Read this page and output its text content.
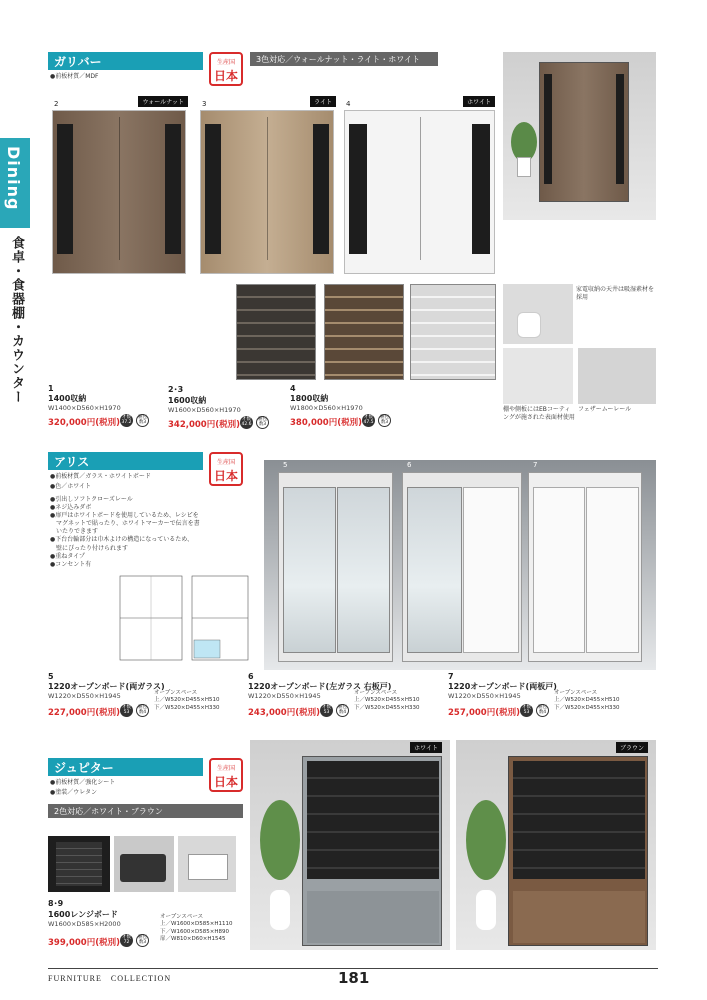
Dining
食卓・食器棚・カウンター
ガリバー
●前板材質／MDF
生産国
日本
3色対応／ウォールナット・ライト・ホワイト
2	ウォールナット	3	ライト	4	ホワイト
家電収納の天井は吸湿素材を採用
棚や側板にはEBコーティングが施された表面材使用
フェザームーレール
1
1400収納
W1400×D560×H1970
320,000円(税別)
才数37.2
梱包数3
2･3
1600収納
W1600×D560×H1970
342,000円(税別)
才数42.6
梱包数3
4
1800収納
W1800×D560×H1970
380,000円(税別)
才数47.5
梱包数3
アリス	生産国
日本
●前板材質／ガラス・ホワイトボード
●色／ホワイト
●引出しソフトクローズレール
●ネジ込みダボ
●扉戸はホワイトボードを使用しているため、レシピを
　マグネットで貼ったり、ホワイトマーカーで伝言を書
　いたりできます
●下台台輪部分は巾木よけの構造になっているため、
　壁にぴったり付けられます
●重ねタイプ
●コンセント有
5	6	7
5
1220オープンボード(両ガラス)
W1220×D550×H1945
227,000円(税別)
才数53
梱包数4
オープンスペース
上／W520×D455×H510
下／W520×D455×H330
6
1220オープンボード(左ガラス 右板戸)
W1220×D550×H1945
243,000円(税別)
才数53
梱包数4
オープンスペース
上／W520×D455×H510
下／W520×D455×H330
7
1220オープンボード(両板戸)
W1220×D550×H1945
257,000円(税別)
才数53
梱包数4
オープンスペース
上／W520×D455×H510
下／W520×D455×H330
ジュピター	生産国
日本
●前板材質／強化シート
●塗装／ウレタン
2色対応／ホワイト・ブラウン
8･9
1600レンジボード
W1600×D585×H2000
399,000円(税別)
才数72
梱包数3
オープンスペース
上／W1600×D585×H1110
下／W1600×D585×H890
扉／W810×D60×H1545
ホワイト	ブラウン
FURNITURE　COLLECTION	181
